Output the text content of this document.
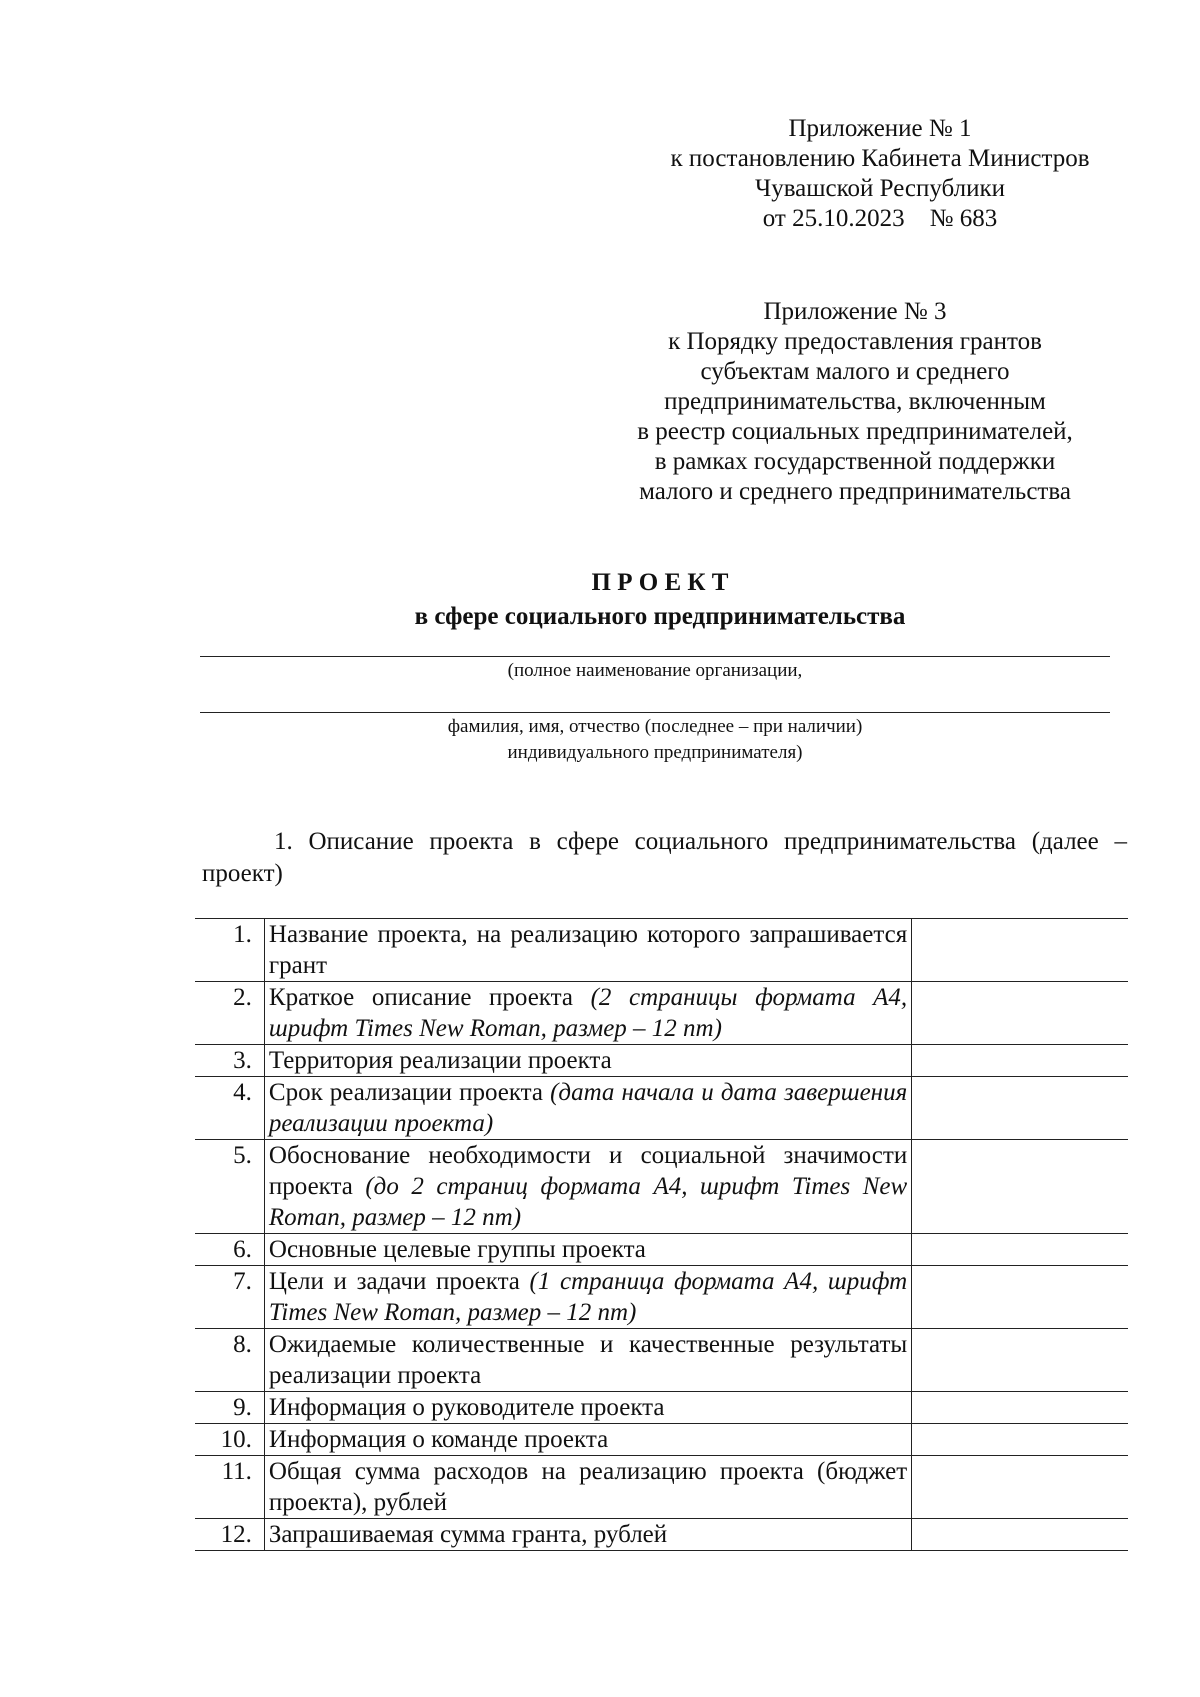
Приложение № 1
к постановлению Кабинета Министров
Чувашской Республики
от 25.10.2023    № 683
Приложение № 3
к Порядку предоставления грантов
субъектам малого и среднего
предпринимательства, включенным
в реестр социальных предпринимателей,
в рамках государственной поддержки
малого и среднего предпринимательства
П Р О Е К Т
в сфере социального предпринимательства
(полное наименование организации,
фамилия, имя, отчество (последнее – при наличии)
индивидуального предпринимателя)
1. Описание проекта в сфере социального предпринимательства (далее – проект)
1.	Название проекта, на реализацию которого запрашивается грант	
2.	Краткое описание проекта (2 страницы формата А4, шрифт Times New Roman, размер – 12 пт)	
3.	Территория реализации проекта	
4.	Срок реализации проекта (дата начала и дата завершения реализации проекта)	
5.	Обоснование необходимости и социальной значимости проекта (до 2 страниц формата А4, шрифт Times New Roman, размер – 12 пт)	
6.	Основные целевые группы проекта	
7.	Цели и задачи проекта (1 страница формата А4, шрифт Times New Roman, размер – 12 пт)	
8.	Ожидаемые количественные и качественные результаты реализации проекта	
9.	Информация о руководителе проекта	
10.	Информация о команде проекта	
11.	Общая сумма расходов на реализацию проекта (бюджет проекта), рублей	
12.	Запрашиваемая сумма гранта, рублей	
